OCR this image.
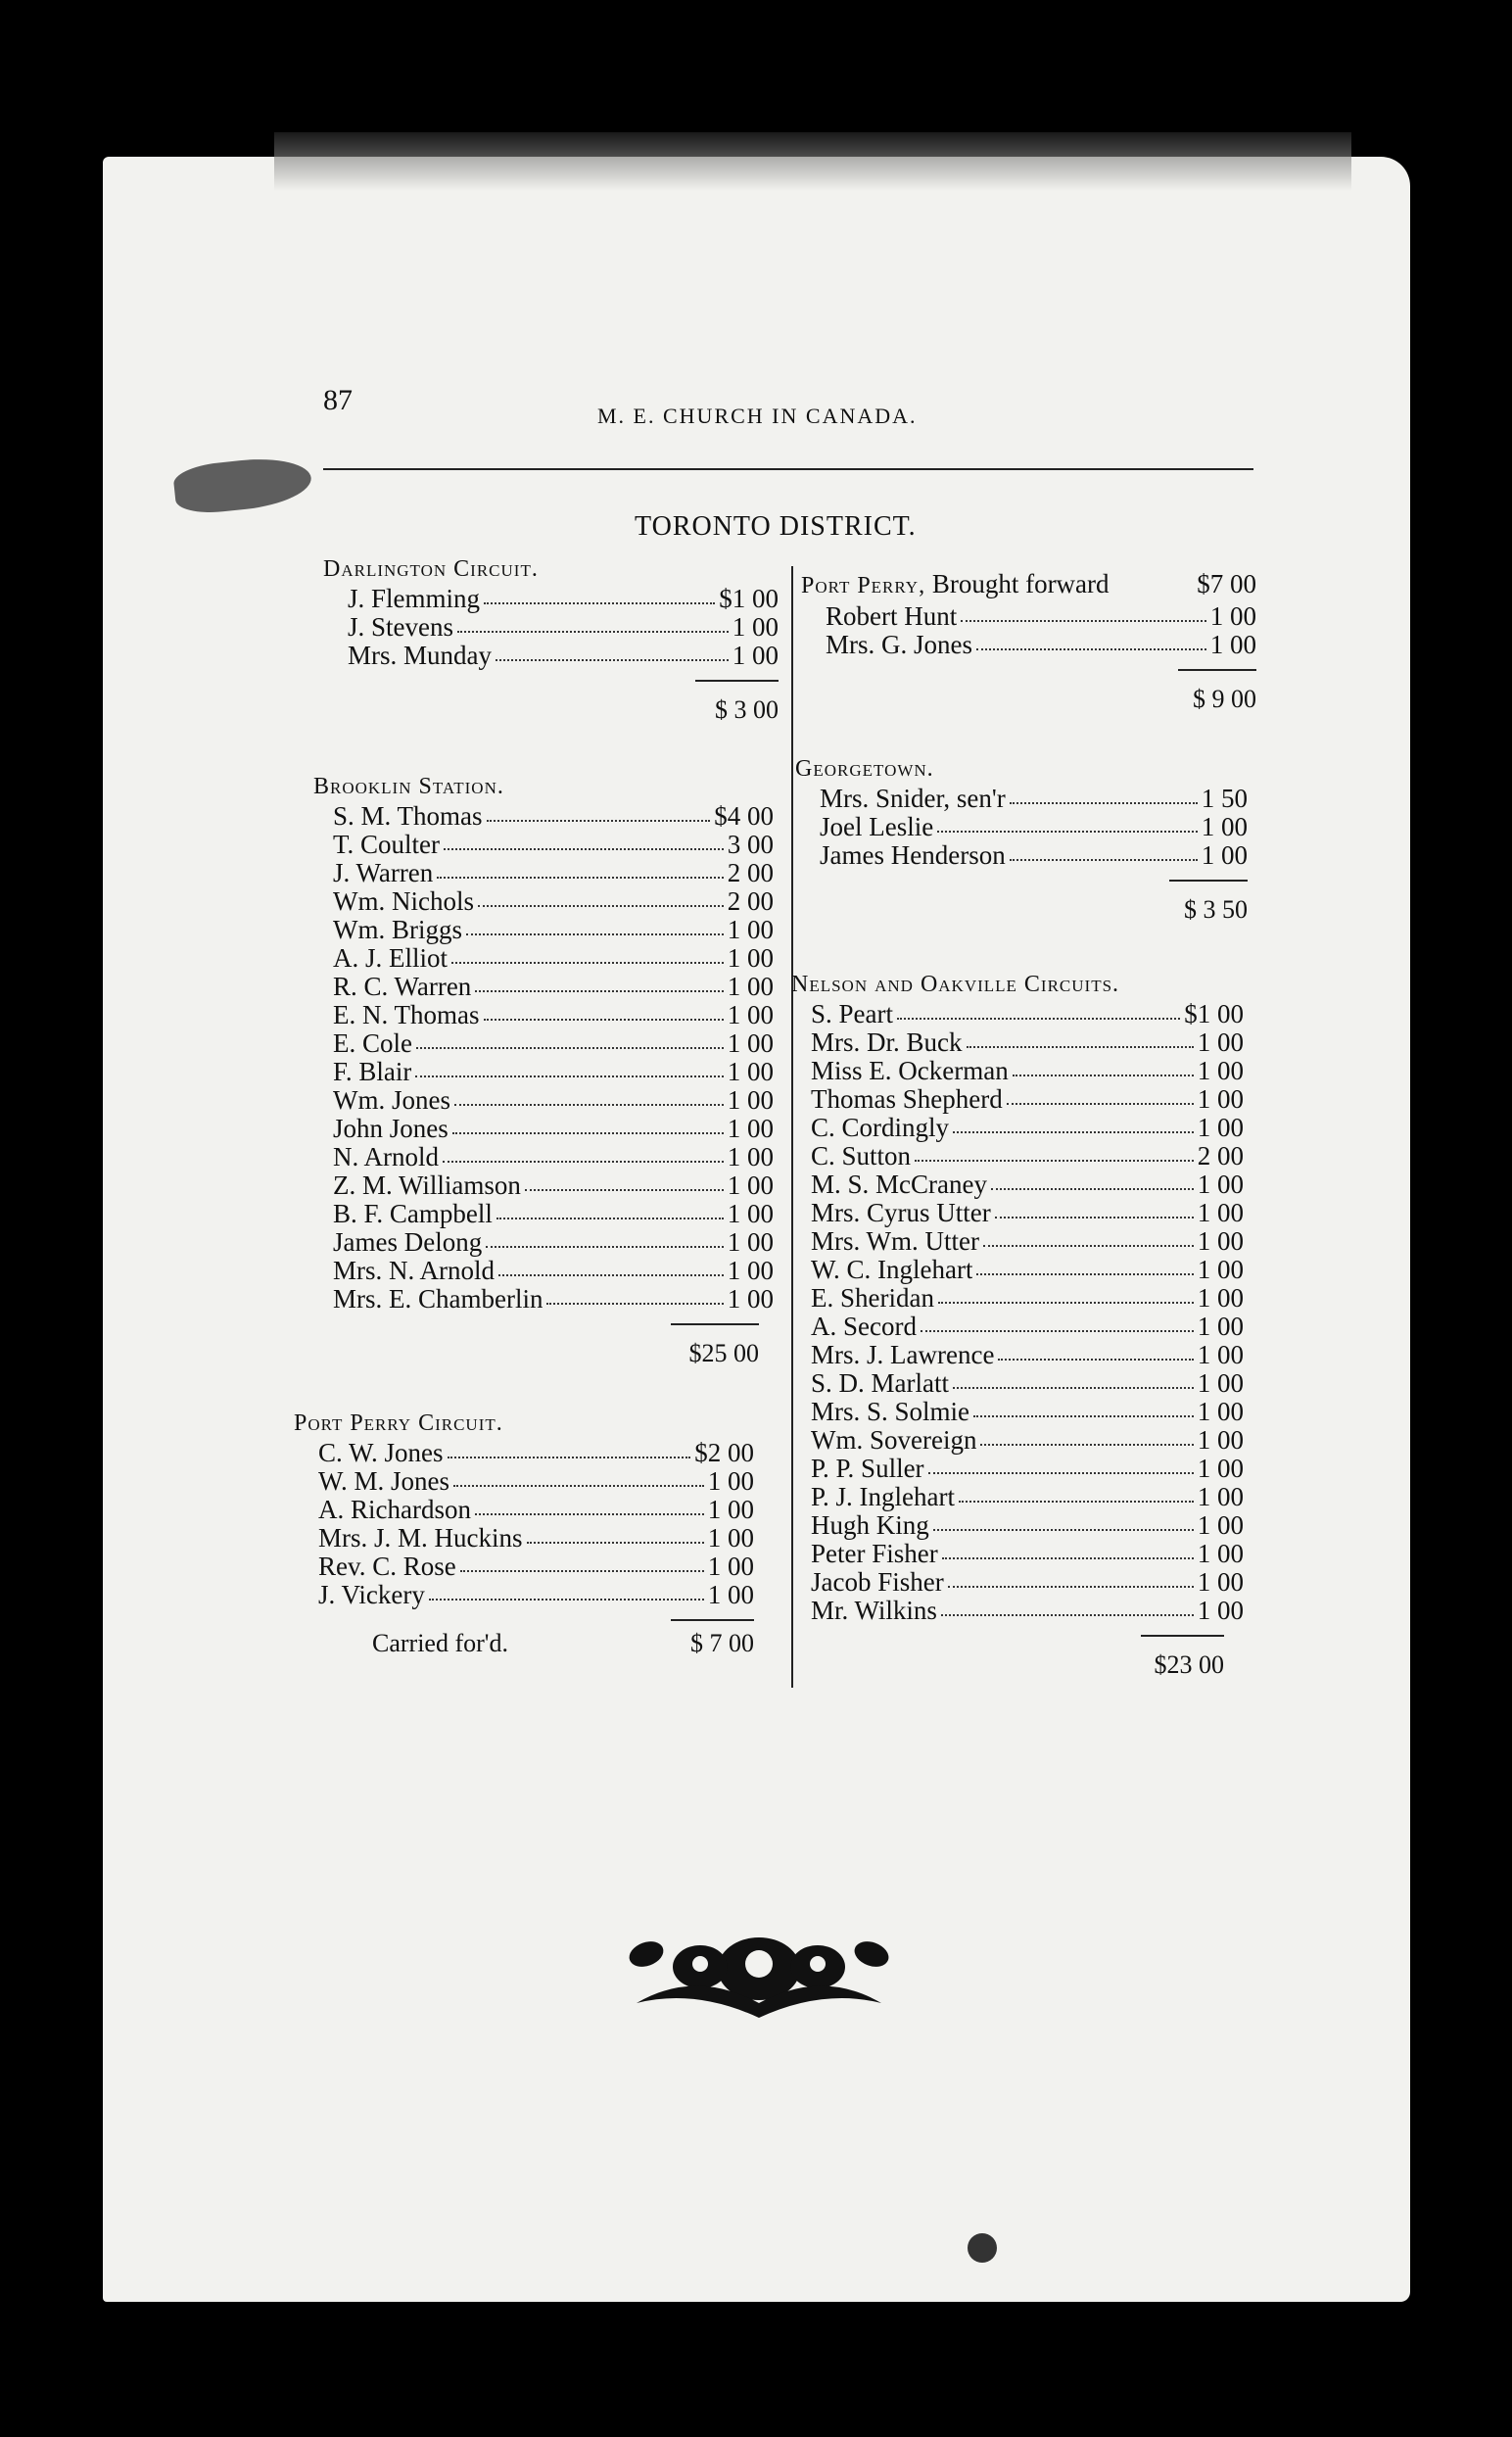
87	M. E. CHURCH IN CANADA.
TORONTO DISTRICT.
Darlington Circuit.
J. Flemming	$1 00
J. Stevens	1 00
Mrs. Munday	1 00
$ 3 00
Brooklin Station.
S. M. Thomas	$4 00
T. Coulter	3 00
J. Warren	2 00
Wm. Nichols	2 00
Wm. Briggs	1 00
A. J. Elliot	1 00
R. C. Warren	1 00
E. N. Thomas	1 00
E. Cole	1 00
F. Blair	1 00
Wm. Jones	1 00
John Jones	1 00
N. Arnold	1 00
Z. M. Williamson	1 00
B. F. Campbell	1 00
James Delong	1 00
Mrs. N. Arnold	1 00
Mrs. E. Chamberlin	1 00
$25 00
Port Perry Circuit.
C. W. Jones	$2 00
W. M. Jones	1 00
A. Richardson	1 00
Mrs. J. M. Huckins	1 00
Rev. C. Rose	1 00
J. Vickery	1 00
Carried for'd.	$ 7 00
Port Perry, Brought forward	$7 00
Robert Hunt	1 00
Mrs. G. Jones	1 00
$ 9 00
Georgetown.
Mrs. Snider, sen'r	1 50
Joel Leslie	1 00
James Henderson	1 00
$ 3 50
Nelson and Oakville Circuits.
S. Peart	$1 00
Mrs. Dr. Buck	1 00
Miss E. Ockerman	1 00
Thomas Shepherd	1 00
C. Cordingly	1 00
C. Sutton	2 00
M. S. McCraney	1 00
Mrs. Cyrus Utter	1 00
Mrs. Wm. Utter	1 00
W. C. Inglehart	1 00
E. Sheridan	1 00
A. Secord	1 00
Mrs. J. Lawrence	1 00
S. D. Marlatt	1 00
Mrs. S. Solmie	1 00
Wm. Sovereign	1 00
P. P. Suller	1 00
P. J. Inglehart	1 00
Hugh King	1 00
Peter Fisher	1 00
Jacob Fisher	1 00
Mr. Wilkins	1 00
$23 00
